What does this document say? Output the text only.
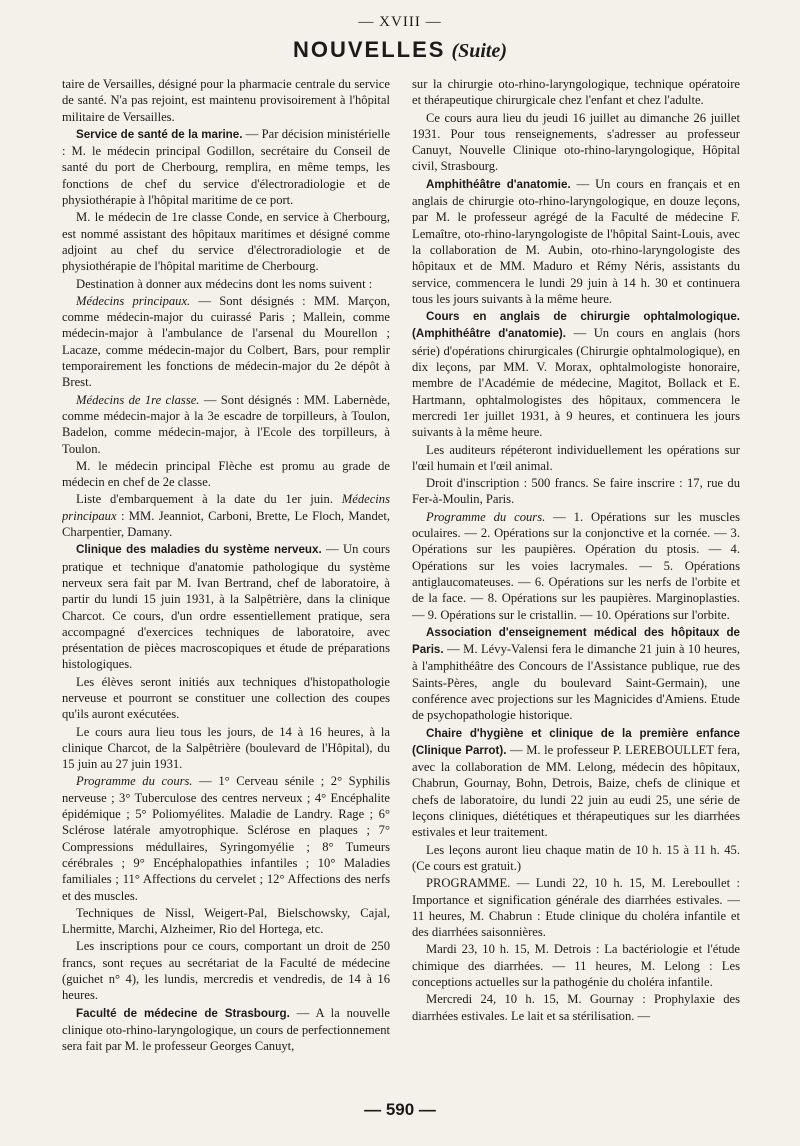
— XVIII —
NOUVELLES (Suite)

taire de Versailles, désigné pour la pharmacie centrale du service de santé. N'a pas rejoint, est maintenu provisoirement à l'hôpital militaire de Versailles.

Service de santé de la marine. — Par décision ministérielle : M. le médecin principal Godillon, secrétaire du Conseil de santé du port de Cherbourg, remplira, en même temps, les fonctions de chef du service d'électroradiologie et de physiothérapie à l'hôpital maritime de ce port.

M. le médecin de 1re classe Conde, en service à Cherbourg, est nommé assistant des hôpitaux maritimes et désigné comme adjoint au chef du service d'électroradiologie et de physiothérapie de l'hôpital maritime de Cherbourg.

Destination à donner aux médecins dont les noms suivent :

Médecins principaux. — Sont désignés : MM. Marçon, comme médecin-major du cuirassé Paris ; Mallein, comme médecin-major à l'ambulance de l'arsenal du Mourellon ; Lacaze, comme médecin-major du Colbert, Bars, pour remplir temporairement les fonctions de médecin-major du 2e dépôt à Brest.

Médecins de 1re classe. — Sont désignés : MM. Labernède, comme médecin-major à la 3e escadre de torpilleurs, à Toulon, Badelon, comme médecin-major, à l'Ecole des torpilleurs, à Toulon.

M. le médecin principal Flèche est promu au grade de médecin en chef de 2e classe.

Liste d'embarquement à la date du 1er juin. Médecins principaux : MM. Jeanniot, Carboni, Brette, Le Floch, Mandet, Charpentier, Damany.

Clinique des maladies du système nerveux. — Un cours pratique et technique d'anatomie pathologique du système nerveux sera fait par M. Ivan Bertrand, chef de laboratoire, à partir du lundi 15 juin 1931, à la Salpêtrière, dans la clinique Charcot. Ce cours, d'un ordre essentiellement pratique, sera accompagné d'exercices techniques de laboratoire, avec présentation de pièces macroscopiques et étude de préparations histologiques.

Les élèves seront initiés aux techniques d'histopathologie nerveuse et pourront se constituer une collection des coupes qu'ils auront exécutées.

Le cours aura lieu tous les jours, de 14 à 16 heures, à la clinique Charcot, de la Salpêtrière (boulevard de l'Hôpital), du 15 juin au 27 juin 1931.

Programme du cours. — 1° Cerveau sénile ; 2° Syphilis nerveuse ; 3° Tuberculose des centres nerveux ; 4° Encéphalite épidémique ; 5° Poliomyélites. Maladie de Landry. Rage ; 6° Sclérose latérale amyotrophique. Sclérose en plaques ; 7° Compressions médullaires, Syringomyélie ; 8° Tumeurs cérébrales ; 9° Encéphalopathies infantiles ; 10° Maladies familiales ; 11° Affections du cervelet ; 12° Affections des nerfs et des muscles.

Techniques de Nissl, Weigert-Pal, Bielschowsky, Cajal, Lhermitte, Marchi, Alzheimer, Rio del Hortega, etc.

Les inscriptions pour ce cours, comportant un droit de 250 francs, sont reçues au secrétariat de la Faculté de médecine (guichet n° 4), les lundis, mercredis et vendredis, de 14 à 16 heures.

Faculté de médecine de Strasbourg. — A la nouvelle clinique oto-rhino-laryngologique, un cours de perfectionnement sera fait par M. le professeur Georges Canuyt,

sur la chirurgie oto-rhino-laryngologique, technique opératoire et thérapeutique chirurgicale chez l'enfant et chez l'adulte.

Ce cours aura lieu du jeudi 16 juillet au dimanche 26 juillet 1931. Pour tous renseignements, s'adresser au professeur Canuyt, Nouvelle Clinique oto-rhino-laryngologique, Hôpital civil, Strasbourg.

Amphithéâtre d'anatomie. — Un cours en français et en anglais de chirurgie oto-rhino-laryngologique, en douze leçons, par M. le professeur agrégé de la Faculté de médecine F. Lemaître, oto-rhino-laryngologiste de l'hôpital Saint-Louis, avec la collaboration de M. Aubin, oto-rhino-laryngologiste des hôpitaux et de MM. Maduro et Rémy Néris, assistants du service, commencera le lundi 29 juin à 14 h. 30 et continuera tous les jours suivants à la même heure.

Cours en anglais de chirurgie ophtalmologique. (Amphithéâtre d'anatomie). — Un cours en anglais (hors série) d'opérations chirurgicales (Chirurgie ophtalmologique), en dix leçons, par MM. V. Morax, ophtalmologiste honoraire, membre de l'Académie de médecine, Magitot, Bollack et E. Hartmann, ophtalmologistes des hôpitaux, commencera le mercredi 1er juillet 1931, à 9 heures, et continuera les jours suivants à la même heure.

Les auditeurs répéteront individuellement les opérations sur l'œil humain et l'œil animal.

Droit d'inscription : 500 francs. Se faire inscrire : 17, rue du Fer-à-Moulin, Paris.

Programme du cours. — 1. Opérations sur les muscles oculaires. — 2. Opérations sur la conjonctive et la cornée. — 3. Opérations sur les paupières. Opération du ptosis. — 4. Opérations sur les voies lacrymales. — 5. Opérations antiglaucomateuses. — 6. Opérations sur les nerfs de l'orbite et de la face. — 8. Opérations sur les paupières. Marginoplasties. — 9. Opérations sur le cristallin. — 10. Opérations sur l'orbite.

Association d'enseignement médical des hôpitaux de Paris. — M. Lévy-Valensi fera le dimanche 21 juin à 10 heures, à l'amphithéâtre des Concours de l'Assistance publique, rue des Saints-Pères, angle du boulevard Saint-Germain), une conférence avec projections sur les Magnicides d'Amiens. Etude de psychopathologie historique.

Chaire d'hygiène et clinique de la première enfance (Clinique Parrot). — M. le professeur P. LEREBOULLET fera, avec la collaboration de MM. Lelong, médecin des hôpitaux, Chabrun, Gournay, Bohn, Detrois, Baize, chefs de clinique et chefs de laboratoire, du lundi 22 juin au eudi 25, une série de leçons cliniques, diététiques et thérapeutiques sur les diarrhées estivales et leur traitement.

Les leçons auront lieu chaque matin de 10 h. 15 à 11 h. 45. (Ce cours est gratuit.)

PROGRAMME. — Lundi 22, 10 h. 15, M. Lereboullet : Importance et signification générale des diarrhées estivales. — 11 heures, M. Chabrun : Etude clinique du choléra infantile et des diarrhées saisonnières.

Mardi 23, 10 h. 15, M. Detrois : La bactériologie et l'étude chimique des diarrhées. — 11 heures, M. Lelong : Les conceptions actuelles sur la pathogénie du choléra infantile.

Mercredi 24, 10 h. 15, M. Gournay : Prophylaxie des diarrhées estivales. Le lait et sa stérilisation. —

— 590 —
